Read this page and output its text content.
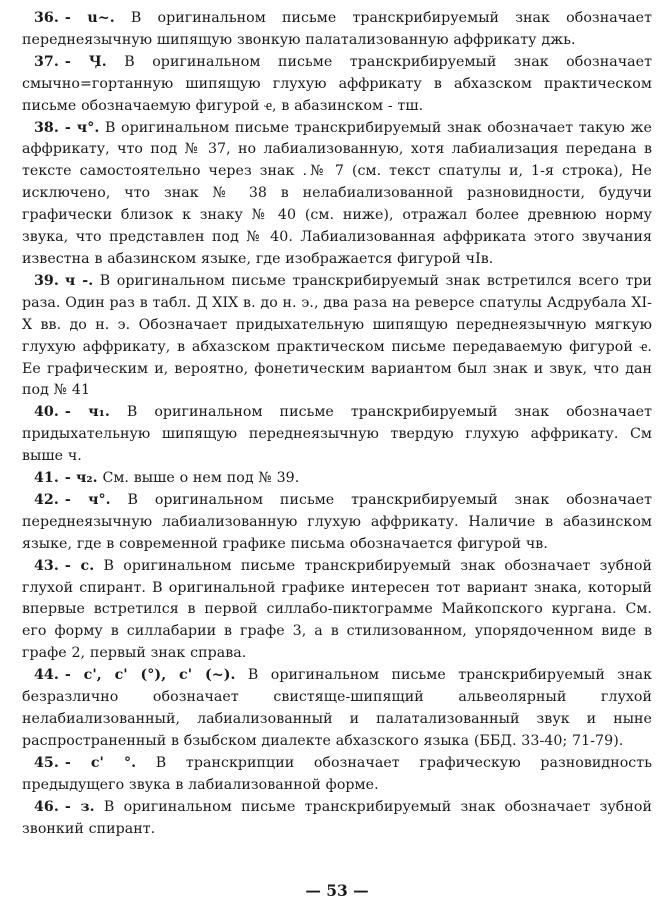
36. - u~. В оригинальном письме транскрибируемый знак обозначает переднеязычную шипящую звонкую палатализованную аффрикату джь.
37. - Ӌ. В оригинальном письме транскрибируемый знак обозначает смычно=гортанную шипящую глухую аффрикату в абхазском практическом письме обозначаемую фигурой ҽ, в абазинском - тш.
38. - ч°. В оригинальном письме транскрибируемый знак обозначает такую же аффрикату, что под № 37, но лабиализованную, хотя лабиализация передана в тексте самостоятельно через знак .№ 7 (см. текст спатулы и, 1-я строка), Не исключено, что знак № 38 в нелабиализованной разновидности, будучи графически близок к знаку № 40 (см. ниже), отражал более древнюю норму звука, что представлен под № 40. Лабиализованная аффриката этого звучания известна в абазинском языке, где изображается фигурой чIв.
39. ч -. В оригинальном письме транскрибируемый знак встретился всего три раза. Один раз в табл. Д XIX в. до н. э., два раза на реверсе спатулы Асдрубала XI-X вв. до н. э. Обозначает придыхательную шипящую переднеязычную мягкую глухую аффрикату, в абхазском практическом письме передаваемую фигурой ҽ. Ее графическим и, вероятно, фонетическим вариантом был знак и звук, что дан под № 41
40. - ч₁. В оригинальном письме транскрибируемый знак обозначает придыхательную шипящую переднеязычную твердую глухую аффрикату. См выше ч.
41. - ч₂. См. выше о нем под № 39.
42. - ч°. В оригинальном письме транскрибируемый знак обозначает переднеязычную лабиализованную глухую аффрикату. Наличие в абазинском языке, где в современной графике письма обозначается фигурой чв.
43. - с. В оригинальном письме транскрибируемый знак обозначает зубной глухой спирант. В оригинальной графике интересен тот вариант знака, который впервые встретился в первой силлабо-пиктограмме Майкопского кургана. См. его форму в силлабарии в графе 3, а в стилизованном, упорядоченном виде в графе 2, первый знак справа.
44. - с', с' (°), с' (~). В оригинальном письме транскрибируемый знак безразлично обозначает свистяще-шипящий альвеолярный глухой нелабиализованный, лабиализованный и палатализованный звук и ныне распространенный в бзыбском диалекте абхазского языка (ББД. 33-40; 71-79).
45. - с' °. В транскрипции обозначает графическую разновидность предыдущего звука в лабиализованной форме.
46. - з. В оригинальном письме транскрибируемый знак обозначает зубной звонкий спирант.
— 53 —
